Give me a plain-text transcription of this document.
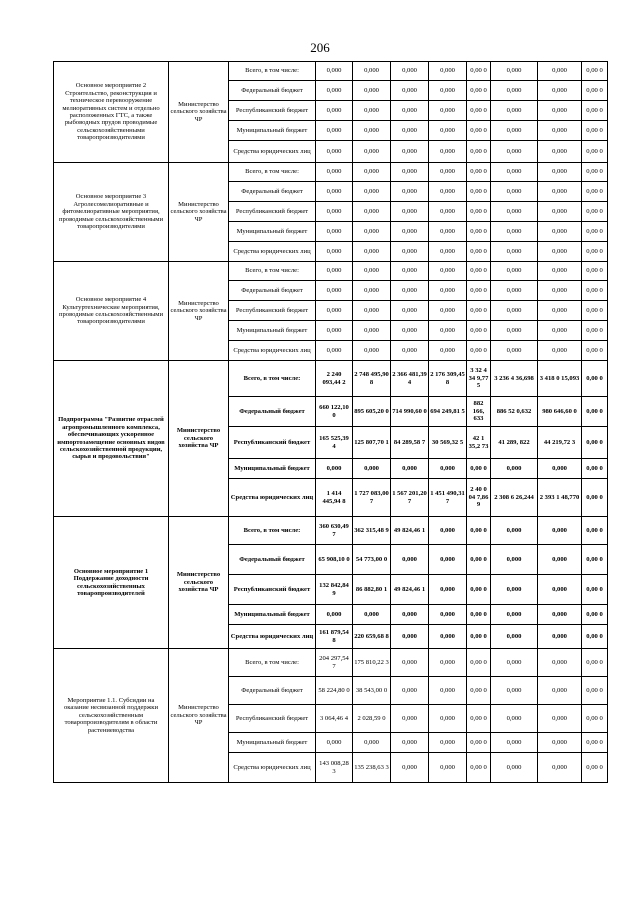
206
Основное мероприятие 2 Строительство, реконструкция и техническое перевооружение мелиоративных систем и отдельно расположенных ГТС, а также рыбоводных прудов проводимые сельскохозяйственными товаропроизводителями	Министерство сельского хозяйства ЧР	Всего, в том числе:	0,000	0,000	0,000	0,000	0,00 0	0,000	0,000	0,00 0
		Федеральный бюджет	0,000	0,000	0,000	0,000	0,00 0	0,000	0,000	0,00 0
		Республиканский бюджет	0,000	0,000	0,000	0,000	0,00 0	0,000	0,000	0,00 0
		Муниципальный бюджет	0,000	0,000	0,000	0,000	0,00 0	0,000	0,000	0,00 0
		Средства юридических лиц	0,000	0,000	0,000	0,000	0,00 0	0,000	0,000	0,00 0
Основное мероприятие 3 Агролесомелиоративные и фитомелиоративные мероприятия, проводимые сельскохозяйственными товаропроизводителями	Министерство сельского хозяйства ЧР	Всего, в том числе:	0,000	0,000	0,000	0,000	0,00 0	0,000	0,000	0,00 0
		Федеральный бюджет	0,000	0,000	0,000	0,000	0,00 0	0,000	0,000	0,00 0
		Республиканский бюджет	0,000	0,000	0,000	0,000	0,00 0	0,000	0,000	0,00 0
		Муниципальный бюджет	0,000	0,000	0,000	0,000	0,00 0	0,000	0,000	0,00 0
		Средства юридических лиц	0,000	0,000	0,000	0,000	0,00 0	0,000	0,000	0,00 0
Основное мероприятие 4 Культуртехнические мероприятия, проводимые сельскохозяйственными товаропроизводителями	Министерство сельского хозяйства ЧР	Всего, в том числе:	0,000	0,000	0,000	0,000	0,00 0	0,000	0,000	0,00 0
		Федеральный бюджет	0,000	0,000	0,000	0,000	0,00 0	0,000	0,000	0,00 0
		Республиканский бюджет	0,000	0,000	0,000	0,000	0,00 0	0,000	0,000	0,00 0
		Муниципальный бюджет	0,000	0,000	0,000	0,000	0,00 0	0,000	0,000	0,00 0
		Средства юридических лиц	0,000	0,000	0,000	0,000	0,00 0	0,000	0,000	0,00 0
Подпрограмма "Развитие отраслей агропромышленного комплекса, обеспечивающих ускоренное импортозамещение основных видов сельскохозяйственной продукции, сырья и продовольствия"	Министерство сельского хозяйства ЧР	Всего, в том числе:	2 240 093,44 2	2 748 495,90 8	2 366 481,39 4	2 176 309,45 8	3 32 4 34 9,77 5	3 236 4 36,698	3 418 0 15,093	0,00 0
		Федеральный бюджет	660 122,10 0	895 605,20 0	714 990,60 0	694 249,81 5	882 166, 633	886 52 0,632	980 646,60 0	0,00 0
		Республиканский бюджет	165 525,39 4	125 807,70 1	84 289,58 7	30 569,32 5	42 1 35,2 73	41 289, 822	44 219,72 3	0,00 0
		Муниципальный бюджет	0,000	0,000	0,000	0,000	0,00 0	0,000	0,000	0,00 0
		Средства юридических лиц	1 414 445,94 8	1 727 083,00 7	1 567 201,20 7	1 451 490,31 7	2 40 0 04 7,86 9	2 308 6 26,244	2 393 1 48,770	0,00 0
Основное мероприятие 1 Поддержание доходности сельскохозяйственных товаропроизводителей	Министерство сельского хозяйства ЧР	Всего, в том числе:	360 630,49 7	362 315,48 9	49 824,46 1	0,000	0,00 0	0,000	0,000	0,00 0
		Федеральный бюджет	65 908,10 0	54 773,00 0	0,000	0,000	0,00 0	0,000	0,000	0,00 0
		Республиканский бюджет	132 842,84 9	86 882,80 1	49 824,46 1	0,000	0,00 0	0,000	0,000	0,00 0
		Муниципальный бюджет	0,000	0,000	0,000	0,000	0,00 0	0,000	0,000	0,00 0
		Средства юридических лиц	161 879,54 8	220 659,68 8	0,000	0,000	0,00 0	0,000	0,000	0,00 0
Мероприятие 1.1. Субсидии на оказание несвязанной поддержки сельскохозяйственным товаропроизводителям в области растениеводства	Министерство сельского хозяйства ЧР	Всего, в том числе:	204 297,54 7	175 810,22 3	0,000	0,000	0,00 0	0,000	0,000	0,00 0
		Федеральный бюджет	58 224,80 0	38 543,00 0	0,000	0,000	0,00 0	0,000	0,000	0,00 0
		Республиканский бюджет	3 064,46 4	2 028,59 0	0,000	0,000	0,00 0	0,000	0,000	0,00 0
		Муниципальный бюджет	0,000	0,000	0,000	0,000	0,00 0	0,000	0,000	0,00 0
		Средства юридических лиц	143 008,28 3	135 238,63 3	0,000	0,000	0,00 0	0,000	0,000	0,00 0
